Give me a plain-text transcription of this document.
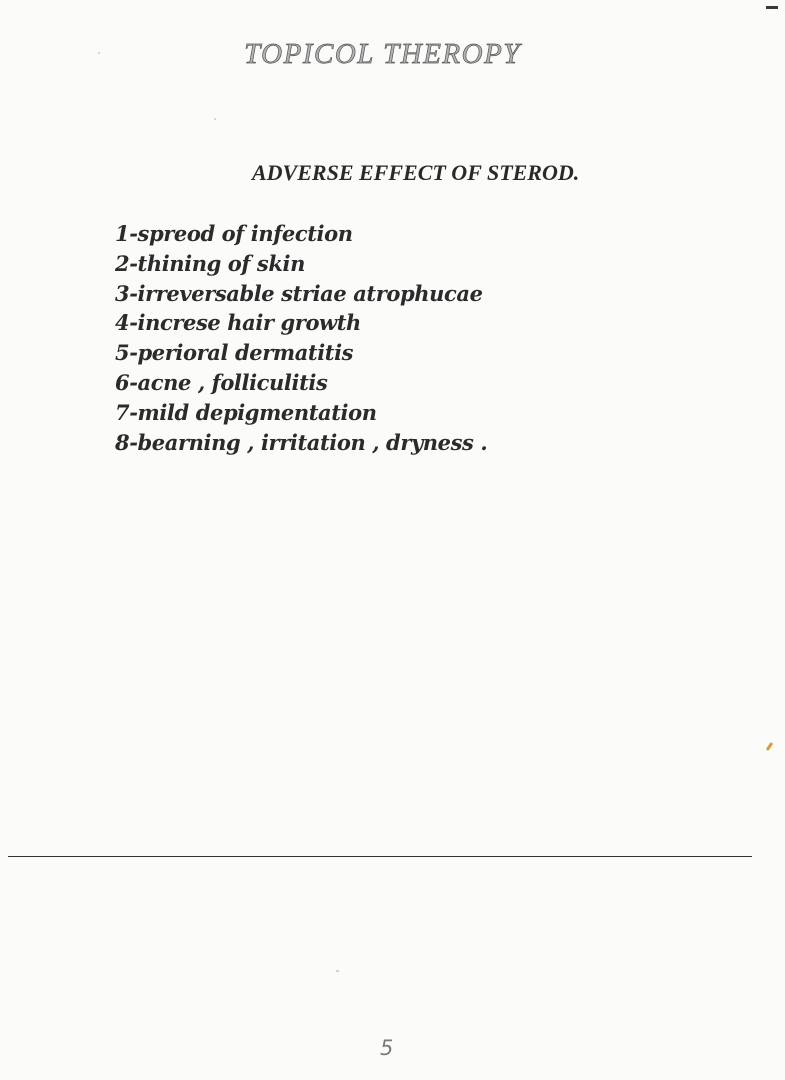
TOPICOL THEROPY
ADVERSE EFFECT OF STEROD.
1-spreod of infection
2-thining of skin
3-irreversable striae atrophucae
4-increse hair growth
5-perioral dermatitis
6-acne , folliculitis
7-mild depigmentation
8-bearning , irritation , dryness .
5
